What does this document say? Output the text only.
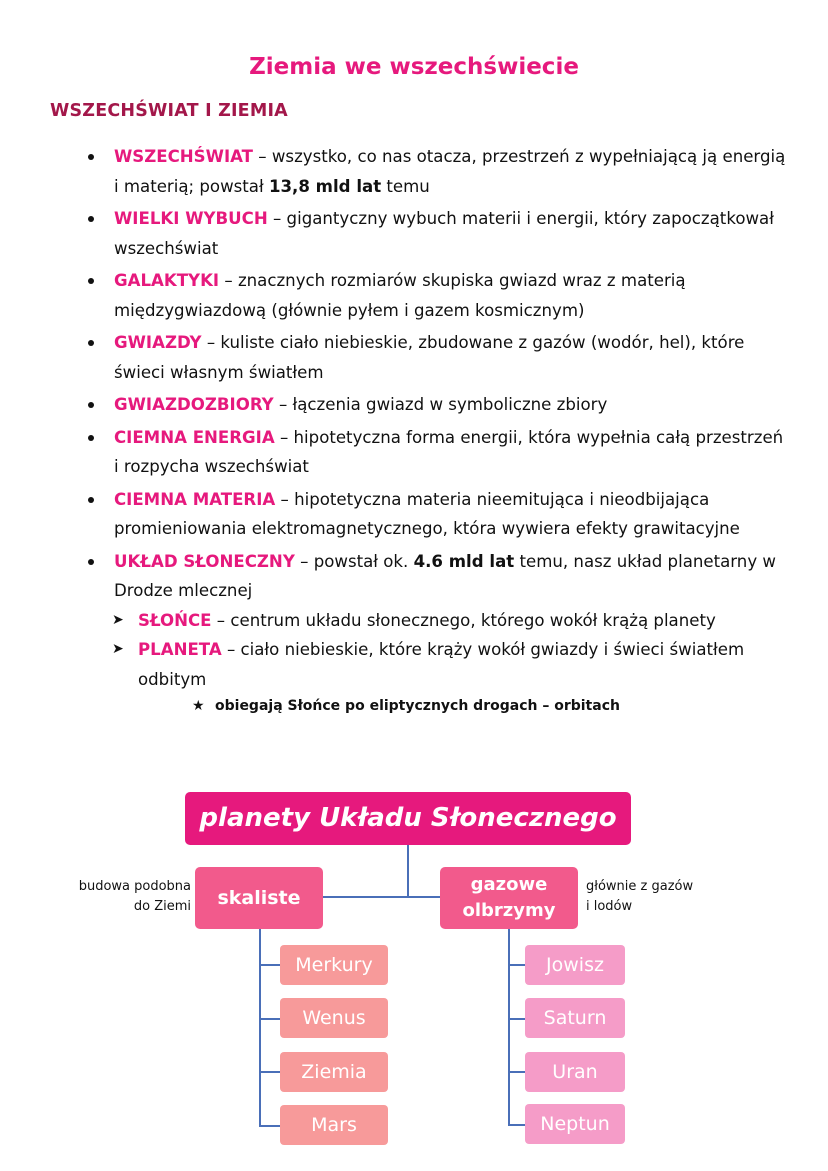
Ziemia we wszechświecie
WSZECHŚWIAT I ZIEMIA
WSZECHŚWIAT – wszystko, co nas otacza, przestrzeń z wypełniającą ją energią i materią; powstał 13,8 mld lat temu
WIELKI WYBUCH – gigantyczny wybuch materii i energii, który zapoczątkował wszechświat
GALAKTYKI – znacznych rozmiarów skupiska gwiazd wraz z materią międzygwiazdową (głównie pyłem i gazem kosmicznym)
GWIAZDY – kuliste ciało niebieskie, zbudowane z gazów (wodór, hel), które świeci własnym światłem
GWIAZDOZBIORY – łączenia gwiazd w symboliczne zbiory
CIEMNA ENERGIA – hipotetyczna forma energii, która wypełnia całą przestrzeń i rozpycha wszechświat
CIEMNA MATERIA – hipotetyczna materia nieemitująca i nieodbijająca promieniowania elektromagnetycznego, która wywiera efekty grawitacyjne
UKŁAD SŁONECZNY – powstał ok. 4.6 mld lat temu, nasz układ planetarny w Drodze mlecznej
➤ SŁOŃCE – centrum układu słonecznego, którego wokół krążą planety
➤ PLANETA – ciało niebieskie, które krąży wokół gwiazdy i świeci światłem odbitym
★ obiegają Słońce po eliptycznych drogach – orbitach
planety Układu Słonecznego
budowa podobna
do Ziemi	skaliste
gazowe
olbrzymy
głównie z gazów
i lodów
Merkury
Wenus
Ziemia
Mars
Jowisz
Saturn
Uran
Neptun
